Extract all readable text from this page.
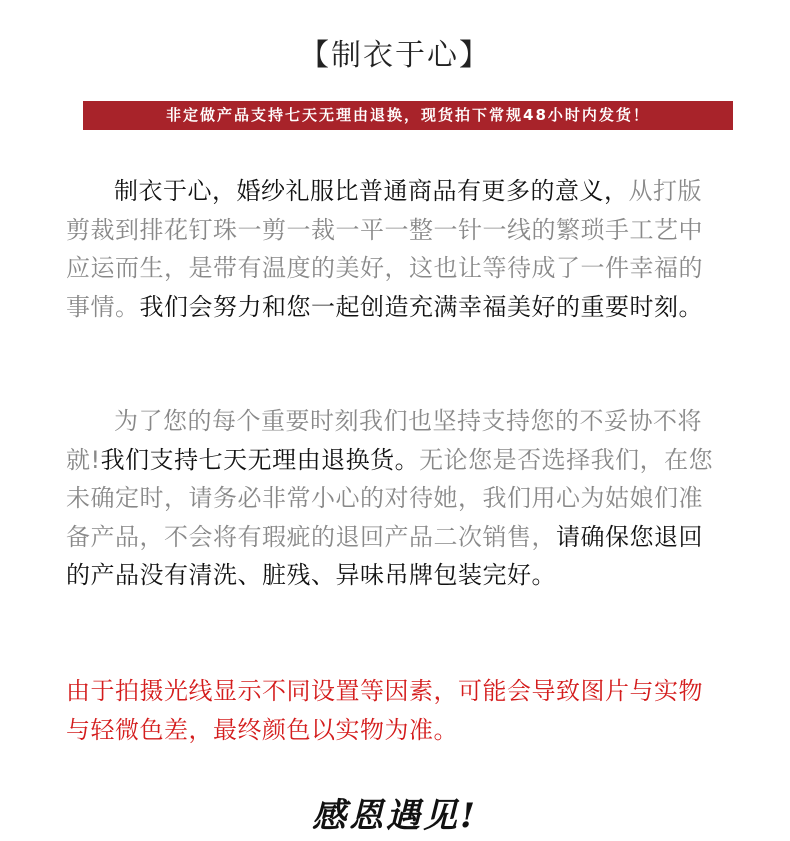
【制衣于心】
非定做产品支持七天无理由退换，现货拍下常规48小时内发货！
制衣于心，婚纱礼服比普通商品有更多的意义，从打版剪裁到排花钉珠一剪一裁一平一整一针一线的繁琐手工艺中应运而生，是带有温度的美好，这也让等待成了一件幸福的事情。我们会努力和您一起创造充满幸福美好的重要时刻。
为了您的每个重要时刻我们也坚持支持您的不妥协不将就!我们支持七天无理由退换货。无论您是否选择我们，在您未确定时，请务必非常小心的对待她，我们用心为姑娘们准备产品，不会将有瑕疵的退回产品二次销售，请确保您退回的产品没有清洗、脏残、异味吊牌包装完好。
由于拍摄光线显示不同设置等因素，可能会导致图片与实物与轻微色差，最终颜色以实物为准。
感恩遇见!
